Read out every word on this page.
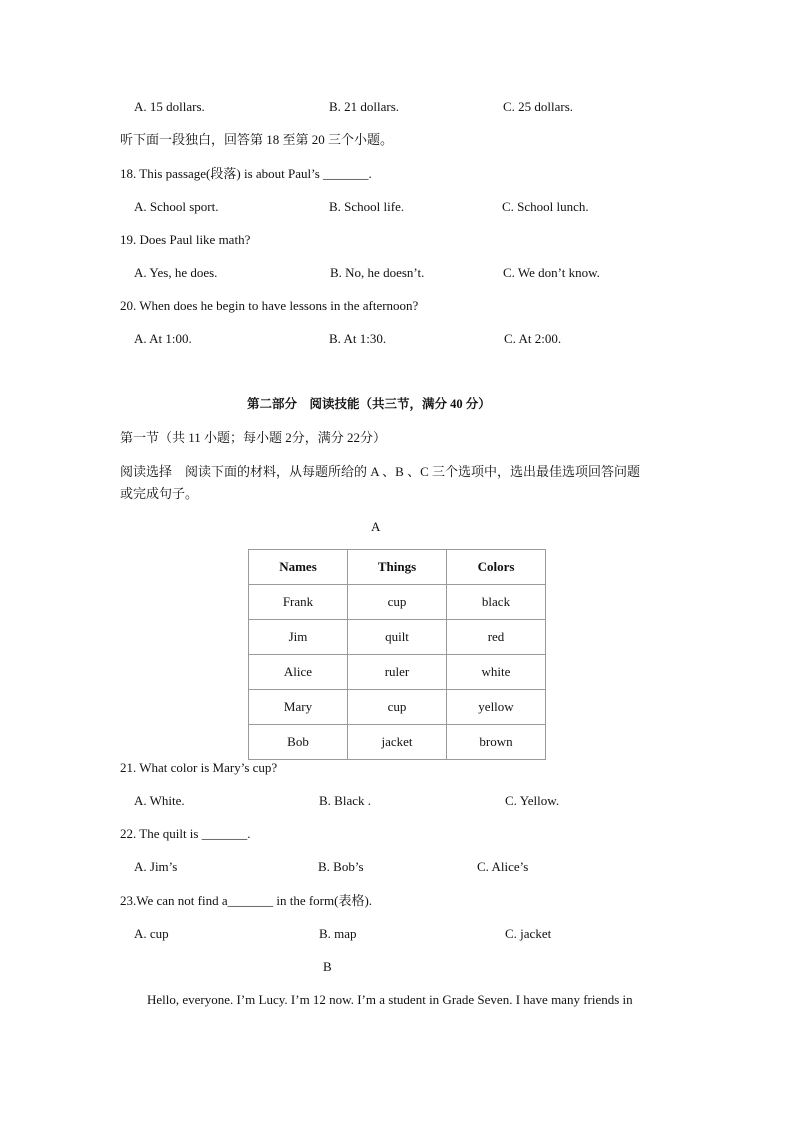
A. 15 dollars.	B. 21 dollars.	C. 25 dollars.
听下面一段独白，回答第 18 至第 20 三个小题。
18. This passage(段落) is about Paul’s _______.
A. School sport.	B. School life.	C. School lunch.
19. Does Paul like math?
A. Yes, he does.	B. No, he doesn’t.	C. We don’t know.
20. When does he begin to have lessons in the afternoon?
A. At 1:00.	B. At 1:30.	C. At 2:00.
第二部分　阅读技能（共三节，满分 40 分）
第一节（共 11 小题；每小题 2分，满分 22分）
阅读选择　阅读下面的材料，从每题所给的 A 、B 、C 三个选项中，选出最佳选项回答问题
或完成句子。
A
Names	Things	Colors
Frank	cup	black
Jim	quilt	red
Alice	ruler	white
Mary	cup	yellow
Bob	jacket	brown
21. What color is Mary’s cup?
A. White.	B. Black .	C. Yellow.
22. The quilt is _______.
A. Jim’s	B. Bob’s	C. Alice’s
23.We can not find a_______ in the form(表格).
A. cup	B. map	C. jacket
B
Hello, everyone. I’m Lucy. I’m 12 now. I’m a student in Grade Seven. I have many friends in
